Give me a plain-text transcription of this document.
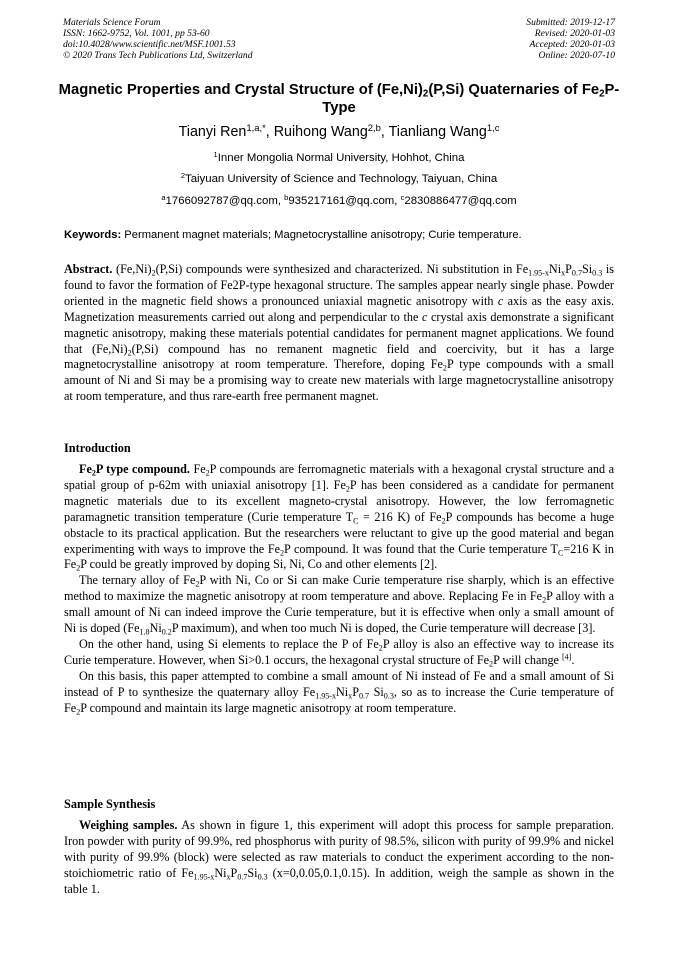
Materials Science Forum
ISSN: 1662-9752, Vol. 1001, pp 53-60
doi:10.4028/www.scientific.net/MSF.1001.53
© 2020 Trans Tech Publications Ltd, Switzerland
Submitted: 2019-12-17
Revised: 2020-01-03
Accepted: 2020-01-03
Online: 2020-07-10
Magnetic Properties and Crystal Structure of $(Fe,Ni)_2(P,Si)$ Quaternaries of $Fe_2P$-Type
Tianyi Ren$^{1,a,*}$, Ruihong Wang$^{2,b}$, Tianliang Wang$^{1,c}$
$^1$Inner Mongolia Normal University, Hohhot, China
$^2$Taiyuan University of Science and Technology, Taiyuan, China
$^a$1766092787@qq.com, $^b$935217161@qq.com, $^c$2830886477@qq.com
Keywords: Permanent magnet materials; Magnetocrystalline anisotropy; Curie temperature.
Abstract. $(Fe,Ni)_2(P,Si)$ compounds were synthesized and characterized. Ni substitution in $Fe_{1.95-x}Ni_xP_{0.7}Si_{0.3}$ is found to favor the formation of Fe2P-type hexagonal structure. The samples appear nearly single phase. Powder oriented in the magnetic field shows a pronounced uniaxial magnetic anisotropy with c axis as the easy axis. Magnetization measurements carried out along and perpendicular to the c crystal axis demonstrate a significant magnetic anisotropy, making these materials potential candidates for permanent magnet applications. We found that $(Fe,Ni)_2(P,Si)$ compound has no remanent magnetic field and coercivity, but it has a large magnetocrystalline anisotropy at room temperature. Therefore, doping $Fe_2P$ type compounds with a small amount of Ni and Si may be a promising way to create new materials with large magnetocrystalline anisotropy at room temperature, and thus rare-earth free permanent magnet.
Introduction

$Fe_2P$ type compound. $Fe_2P$ compounds are ferromagnetic materials with a hexagonal crystal structure and a spatial group of p-62m with uniaxial anisotropy [1]. $Fe_2P$ has been considered as a candidate for permanent magnetic materials due to its excellent magneto-crystal anisotropy. However, the low ferromagnetic paramagnetic transition temperature (Curie temperature $T_C = 216$ K) of $Fe_2P$ compounds has become a huge obstacle to its practical application. But the researchers were reluctant to give up the good material and began experimenting with ways to improve the $Fe_2P$ compound. It was found that the Curie temperature $T_C=216$ K in $Fe_2P$ could be greatly improved by doping Si, Ni, Co and other elements [2].

The ternary alloy of $Fe_2P$ with Ni, Co or Si can make Curie temperature rise sharply, which is an effective method to maximize the magnetic anisotropy at room temperature and above. Replacing Fe in $Fe_2P$ alloy with a small amount of Ni can indeed improve the Curie temperature, but it is effective when only a small amount of Ni is doped ($Fe_{1.8}Ni_{0.2}P$ maximum), and when too much Ni is doped, the Curie temperature will decrease [3].

On the other hand, using Si elements to replace the P of $Fe_2P$ alloy is also an effective way to increase its Curie temperature. However, when Si>0.1 occurs, the hexagonal crystal structure of $Fe_2P$ will change [4].

On this basis, this paper attempted to combine a small amount of Ni instead of Fe and a small amount of Si instead of P to synthesize the quaternary alloy $Fe_{1.95-x}Ni_xP_{0.7}$ $Si_{0.3}$, so as to increase the Curie temperature of $Fe_2P$ compound and maintain its large magnetic anisotropy at room temperature.

Sample Synthesis

Weighing samples. As shown in figure 1, this experiment will adopt this process for sample preparation. Iron powder with purity of 99.9%, red phosphorus with purity of 98.5%, silicon with purity of 99.9% and nickel with purity of 99.9% (block) were selected as raw materials to conduct the experiment according to the non-stoichiometric ratio of $Fe_{1.95-x}Ni_xP_{0.7}Si_{0.3}$ (x=0,0.05,0.1,0.15). In addition, weigh the sample as shown in the table 1.
